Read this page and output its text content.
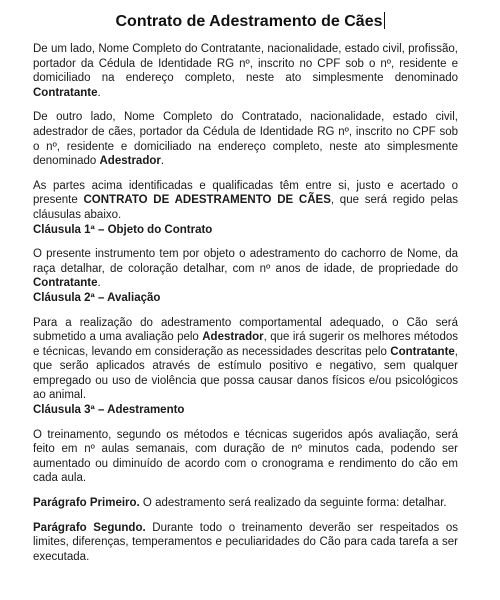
Contrato de Adestramento de Cães

De um lado, Nome Completo do Contratante, nacionalidade, estado civil, profissão, portador da Cédula de Identidade RG nº, inscrito no CPF sob o nº, residente e domiciliado na endereço completo, neste ato simplesmente denominado Contratante.

De outro lado, Nome Completo do Contratado, nacionalidade, estado civil, adestrador de cães, portador da Cédula de Identidade RG nº, inscrito no CPF sob o nº, residente e domiciliado na endereço completo, neste ato simplesmente denominado Adestrador.

As partes acima identificadas e qualificadas têm entre si, justo e acertado o presente CONTRATO DE ADESTRAMENTO DE CÃES, que será regido pelas cláusulas abaixo.

Cláusula 1ª – Objeto do Contrato

O presente instrumento tem por objeto o adestramento do cachorro de Nome, da raça detalhar, de coloração detalhar, com nº anos de idade, de propriedade do Contratante.

Cláusula 2ª – Avaliação

Para a realização do adestramento comportamental adequado, o Cão será submetido a uma avaliação pelo Adestrador, que irá sugerir os melhores métodos e técnicas, levando em consideração as necessidades descritas pelo Contratante, que serão aplicados através de estímulo positivo e negativo, sem qualquer empregado ou uso de violência que possa causar danos físicos e/ou psicológicos ao animal.

Cláusula 3ª – Adestramento

O treinamento, segundo os métodos e técnicas sugeridos após avaliação, será feito em nº aulas semanais, com duração de nº minutos cada, podendo ser aumentado ou diminuído de acordo com o cronograma e rendimento do cão em cada aula.

Parágrafo Primeiro. O adestramento será realizado da seguinte forma: detalhar.

Parágrafo Segundo. Durante todo o treinamento deverão ser respeitados os limites, diferenças, temperamentos e peculiaridades do Cão para cada tarefa a ser executada.
